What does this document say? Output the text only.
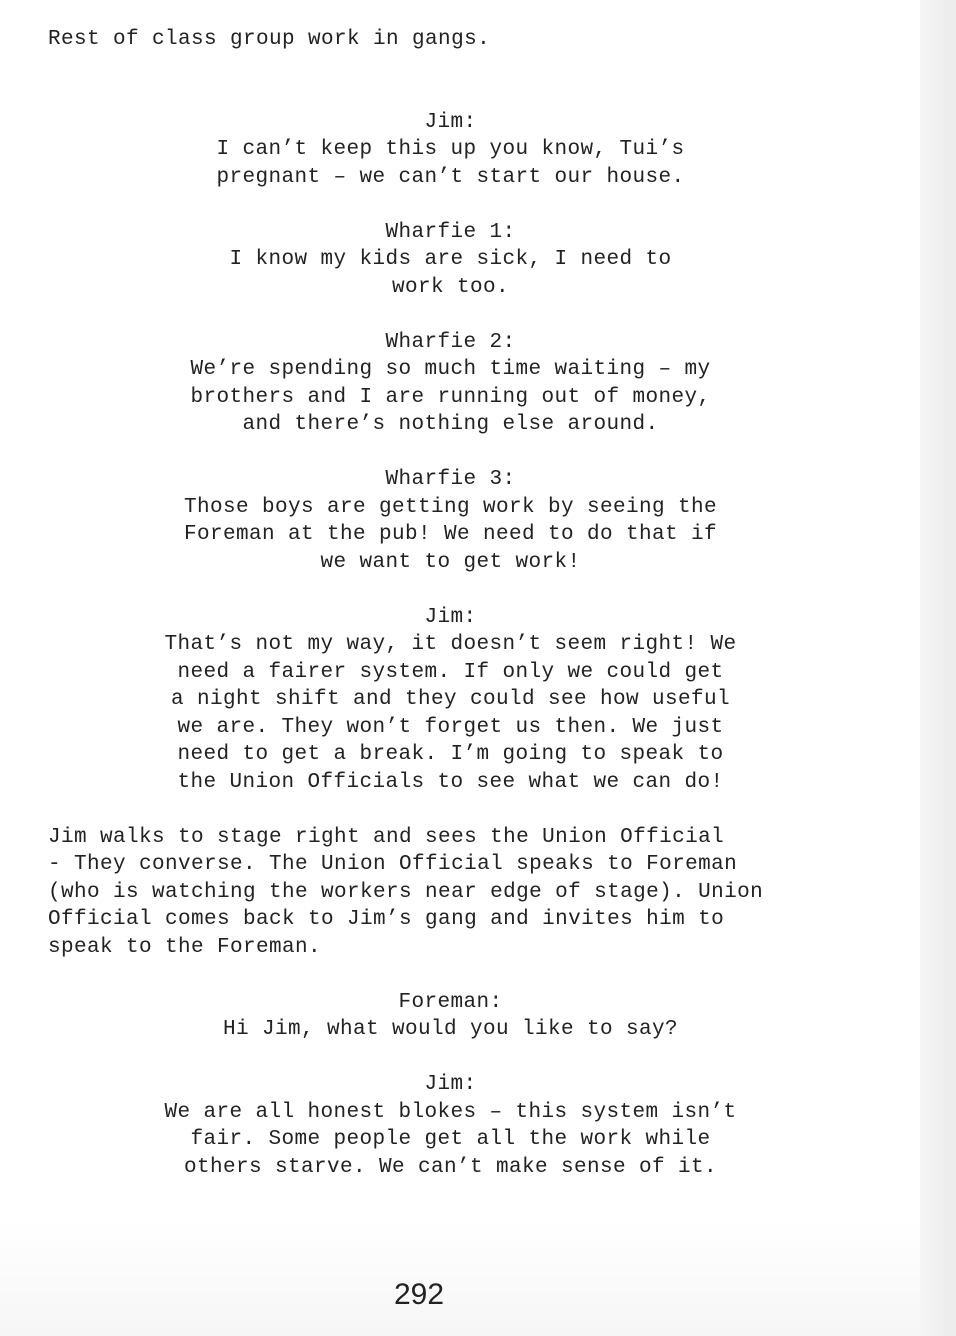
Rest of class group work in gangs.

Jim:
I can’t keep this up you know, Tui’s
pregnant – we can’t start our house.
Wharfie 1:
I know my kids are sick, I need to
work too.
Wharfie 2:
We’re spending so much time waiting – my
brothers and I are running out of money,
and there’s nothing else around.
Wharfie 3:
Those boys are getting work by seeing the
Foreman at the pub! We need to do that if
we want to get work!
Jim:
That’s not my way, it doesn’t seem right! We
need a fairer system. If only we could get
a night shift and they could see how useful
we are. They won’t forget us then. We just
need to get a break. I’m going to speak to
the Union Officials to see what we can do!

Jim walks to stage right and sees the Union Official
- They converse. The Union Official speaks to Foreman
(who is watching the workers near edge of stage). Union
Official comes back to Jim’s gang and invites him to
speak to the Foreman.

Foreman:
Hi Jim, what would you like to say?
Jim:
We are all honest blokes – this system isn’t
fair. Some people get all the work while
others starve. We can’t make sense of it.
292
